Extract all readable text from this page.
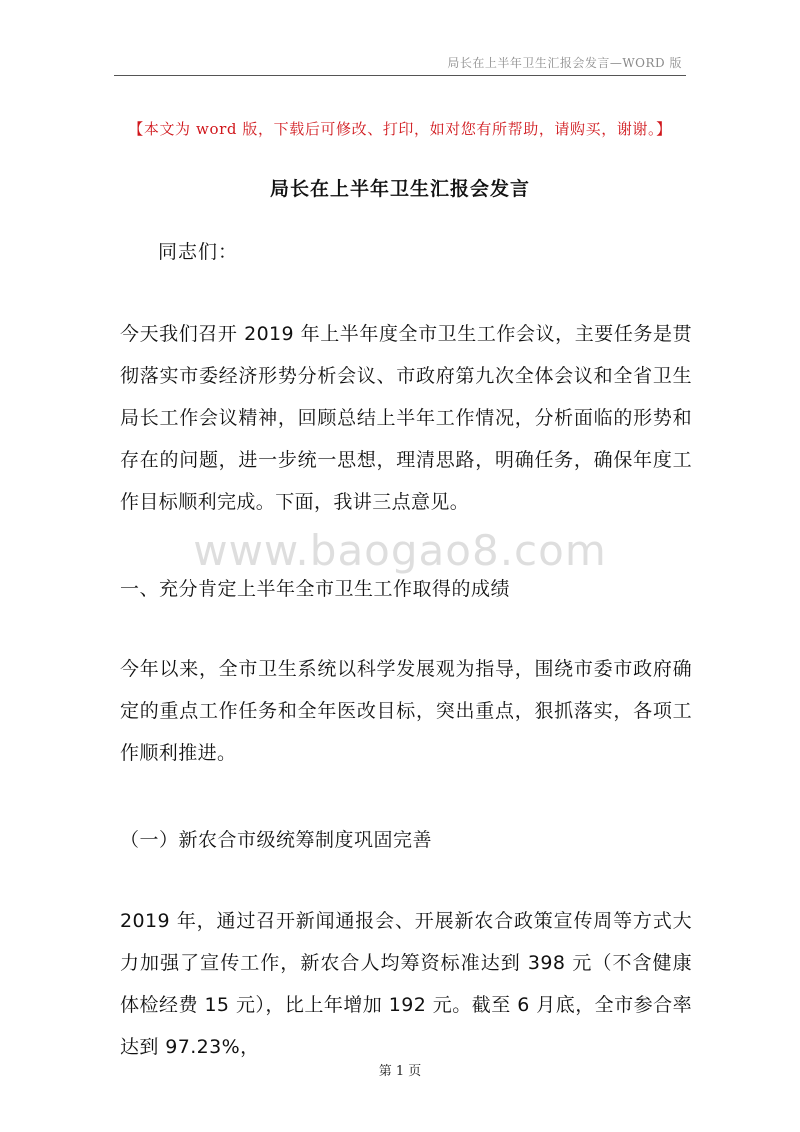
局长在上半年卫生汇报会发言—WORD 版
【本文为 word 版，下载后可修改、打印，如对您有所帮助，请购买，谢谢。】
局长在上半年卫生汇报会发言
同志们：

今天我们召开 2019 年上半年度全市卫生工作会议，主要任务是贯彻落实市委经济形势分析会议、市政府第九次全体会议和全省卫生局长工作会议精神，回顾总结上半年工作情况，分析面临的形势和存在的问题，进一步统一思想，理清思路，明确任务，确保年度工作目标顺利完成。下面，我讲三点意见。

www.baogao8.com
一、充分肯定上半年全市卫生工作取得的成绩

今年以来，全市卫生系统以科学发展观为指导，围绕市委市政府确定的重点工作任务和全年医改目标，突出重点，狠抓落实，各项工作顺利推进。

（一）新农合市级统筹制度巩固完善

2019 年，通过召开新闻通报会、开展新农合政策宣传周等方式大力加强了宣传工作，新农合人均筹资标准达到 398 元（不含健康体检经费 15 元），比上年增加 192 元。截至 6 月底，全市参合率达到 97.23%，

第 1 页
